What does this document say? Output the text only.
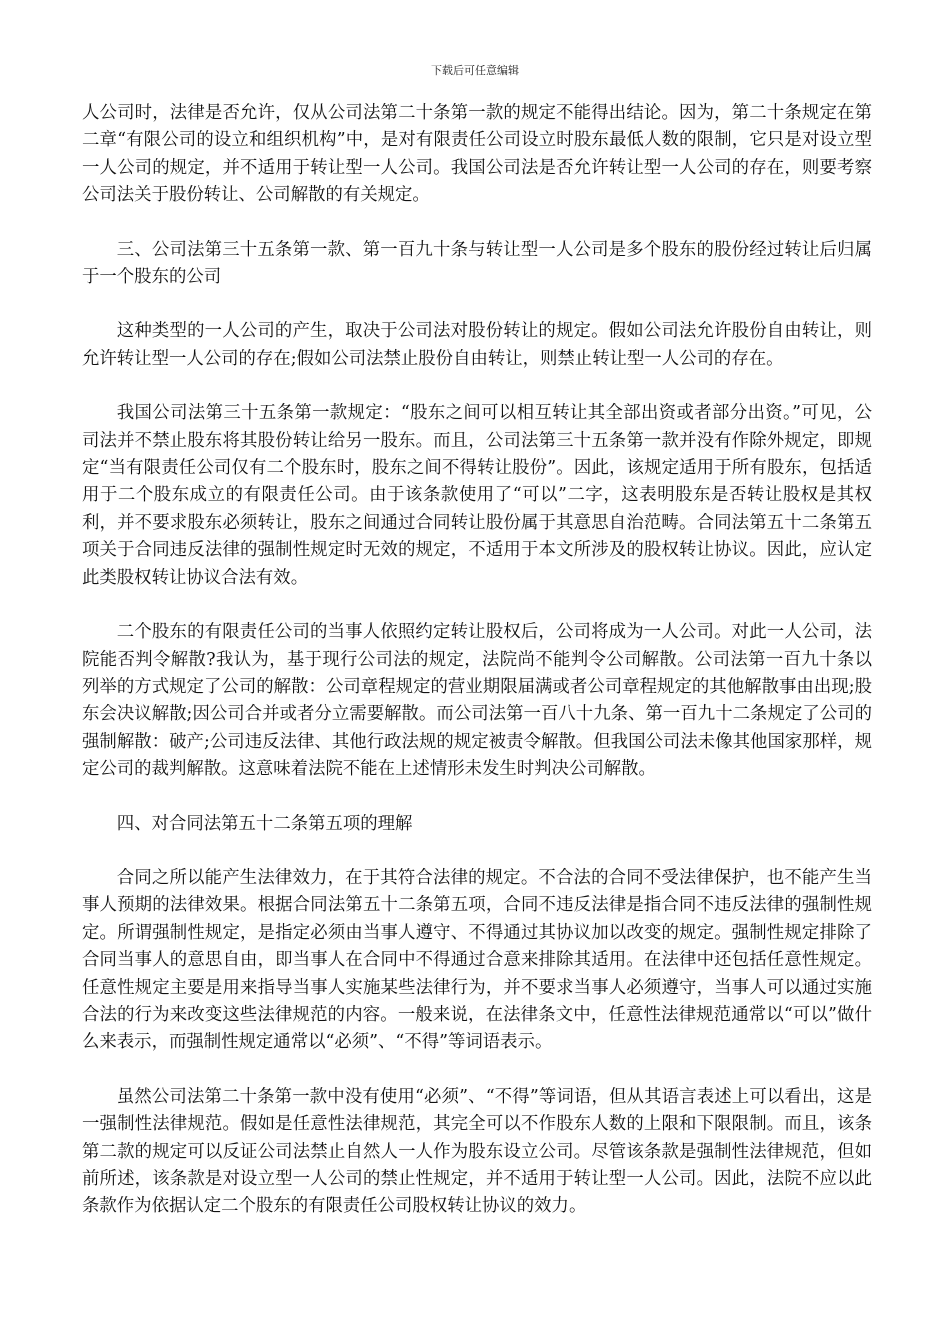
下载后可任意编辑

人公司时，法律是否允许，仅从公司法第二十条第一款的规定不能得出结论。因为，第二十条规定在第二章“有限公司的设立和组织机构”中，是对有限责任公司设立时股东最低人数的限制，它只是对设立型一人公司的规定，并不适用于转让型一人公司。我国公司法是否允许转让型一人公司的存在，则要考察公司法关于股份转让、公司解散的有关规定。

三、公司法第三十五条第一款、第一百九十条与转让型一人公司是多个股东的股份经过转让后归属于一个股东的公司

这种类型的一人公司的产生，取决于公司法对股份转让的规定。假如公司法允许股份自由转让，则允许转让型一人公司的存在;假如公司法禁止股份自由转让，则禁止转让型一人公司的存在。

我国公司法第三十五条第一款规定：“股东之间可以相互转让其全部出资或者部分出资。”可见，公司法并不禁止股东将其股份转让给另一股东。而且，公司法第三十五条第一款并没有作除外规定，即规定“当有限责任公司仅有二个股东时，股东之间不得转让股份”。因此，该规定适用于所有股东，包括适用于二个股东成立的有限责任公司。由于该条款使用了“可以”二字，这表明股东是否转让股权是其权利，并不要求股东必须转让，股东之间通过合同转让股份属于其意思自治范畴。合同法第五十二条第五项关于合同违反法律的强制性规定时无效的规定，不适用于本文所涉及的股权转让协议。因此，应认定此类股权转让协议合法有效。

二个股东的有限责任公司的当事人依照约定转让股权后，公司将成为一人公司。对此一人公司，法院能否判令解散?我认为，基于现行公司法的规定，法院尚不能判令公司解散。公司法第一百九十条以列举的方式规定了公司的解散：公司章程规定的营业期限届满或者公司章程规定的其他解散事由出现;股东会决议解散;因公司合并或者分立需要解散。而公司法第一百八十九条、第一百九十二条规定了公司的强制解散：破产;公司违反法律、其他行政法规的规定被责令解散。但我国公司法未像其他国家那样，规定公司的裁判解散。这意味着法院不能在上述情形未发生时判决公司解散。

四、对合同法第五十二条第五项的理解

合同之所以能产生法律效力，在于其符合法律的规定。不合法的合同不受法律保护，也不能产生当事人预期的法律效果。根据合同法第五十二条第五项，合同不违反法律是指合同不违反法律的强制性规定。所谓强制性规定，是指定必须由当事人遵守、不得通过其协议加以改变的规定。强制性规定排除了合同当事人的意思自由，即当事人在合同中不得通过合意来排除其适用。在法律中还包括任意性规定。任意性规定主要是用来指导当事人实施某些法律行为，并不要求当事人必须遵守，当事人可以通过实施合法的行为来改变这些法律规范的内容。一般来说，在法律条文中，任意性法律规范通常以“可以”做什么来表示，而强制性规定通常以“必须”、“不得”等词语表示。

虽然公司法第二十条第一款中没有使用“必须”、“不得”等词语，但从其语言表述上可以看出，这是一强制性法律规范。假如是任意性法律规范，其完全可以不作股东人数的上限和下限限制。而且，该条第二款的规定可以反证公司法禁止自然人一人作为股东设立公司。尽管该条款是强制性法律规范，但如前所述，该条款是对设立型一人公司的禁止性规定，并不适用于转让型一人公司。因此，法院不应以此条款作为依据认定二个股东的有限责任公司股权转让协议的效力。
